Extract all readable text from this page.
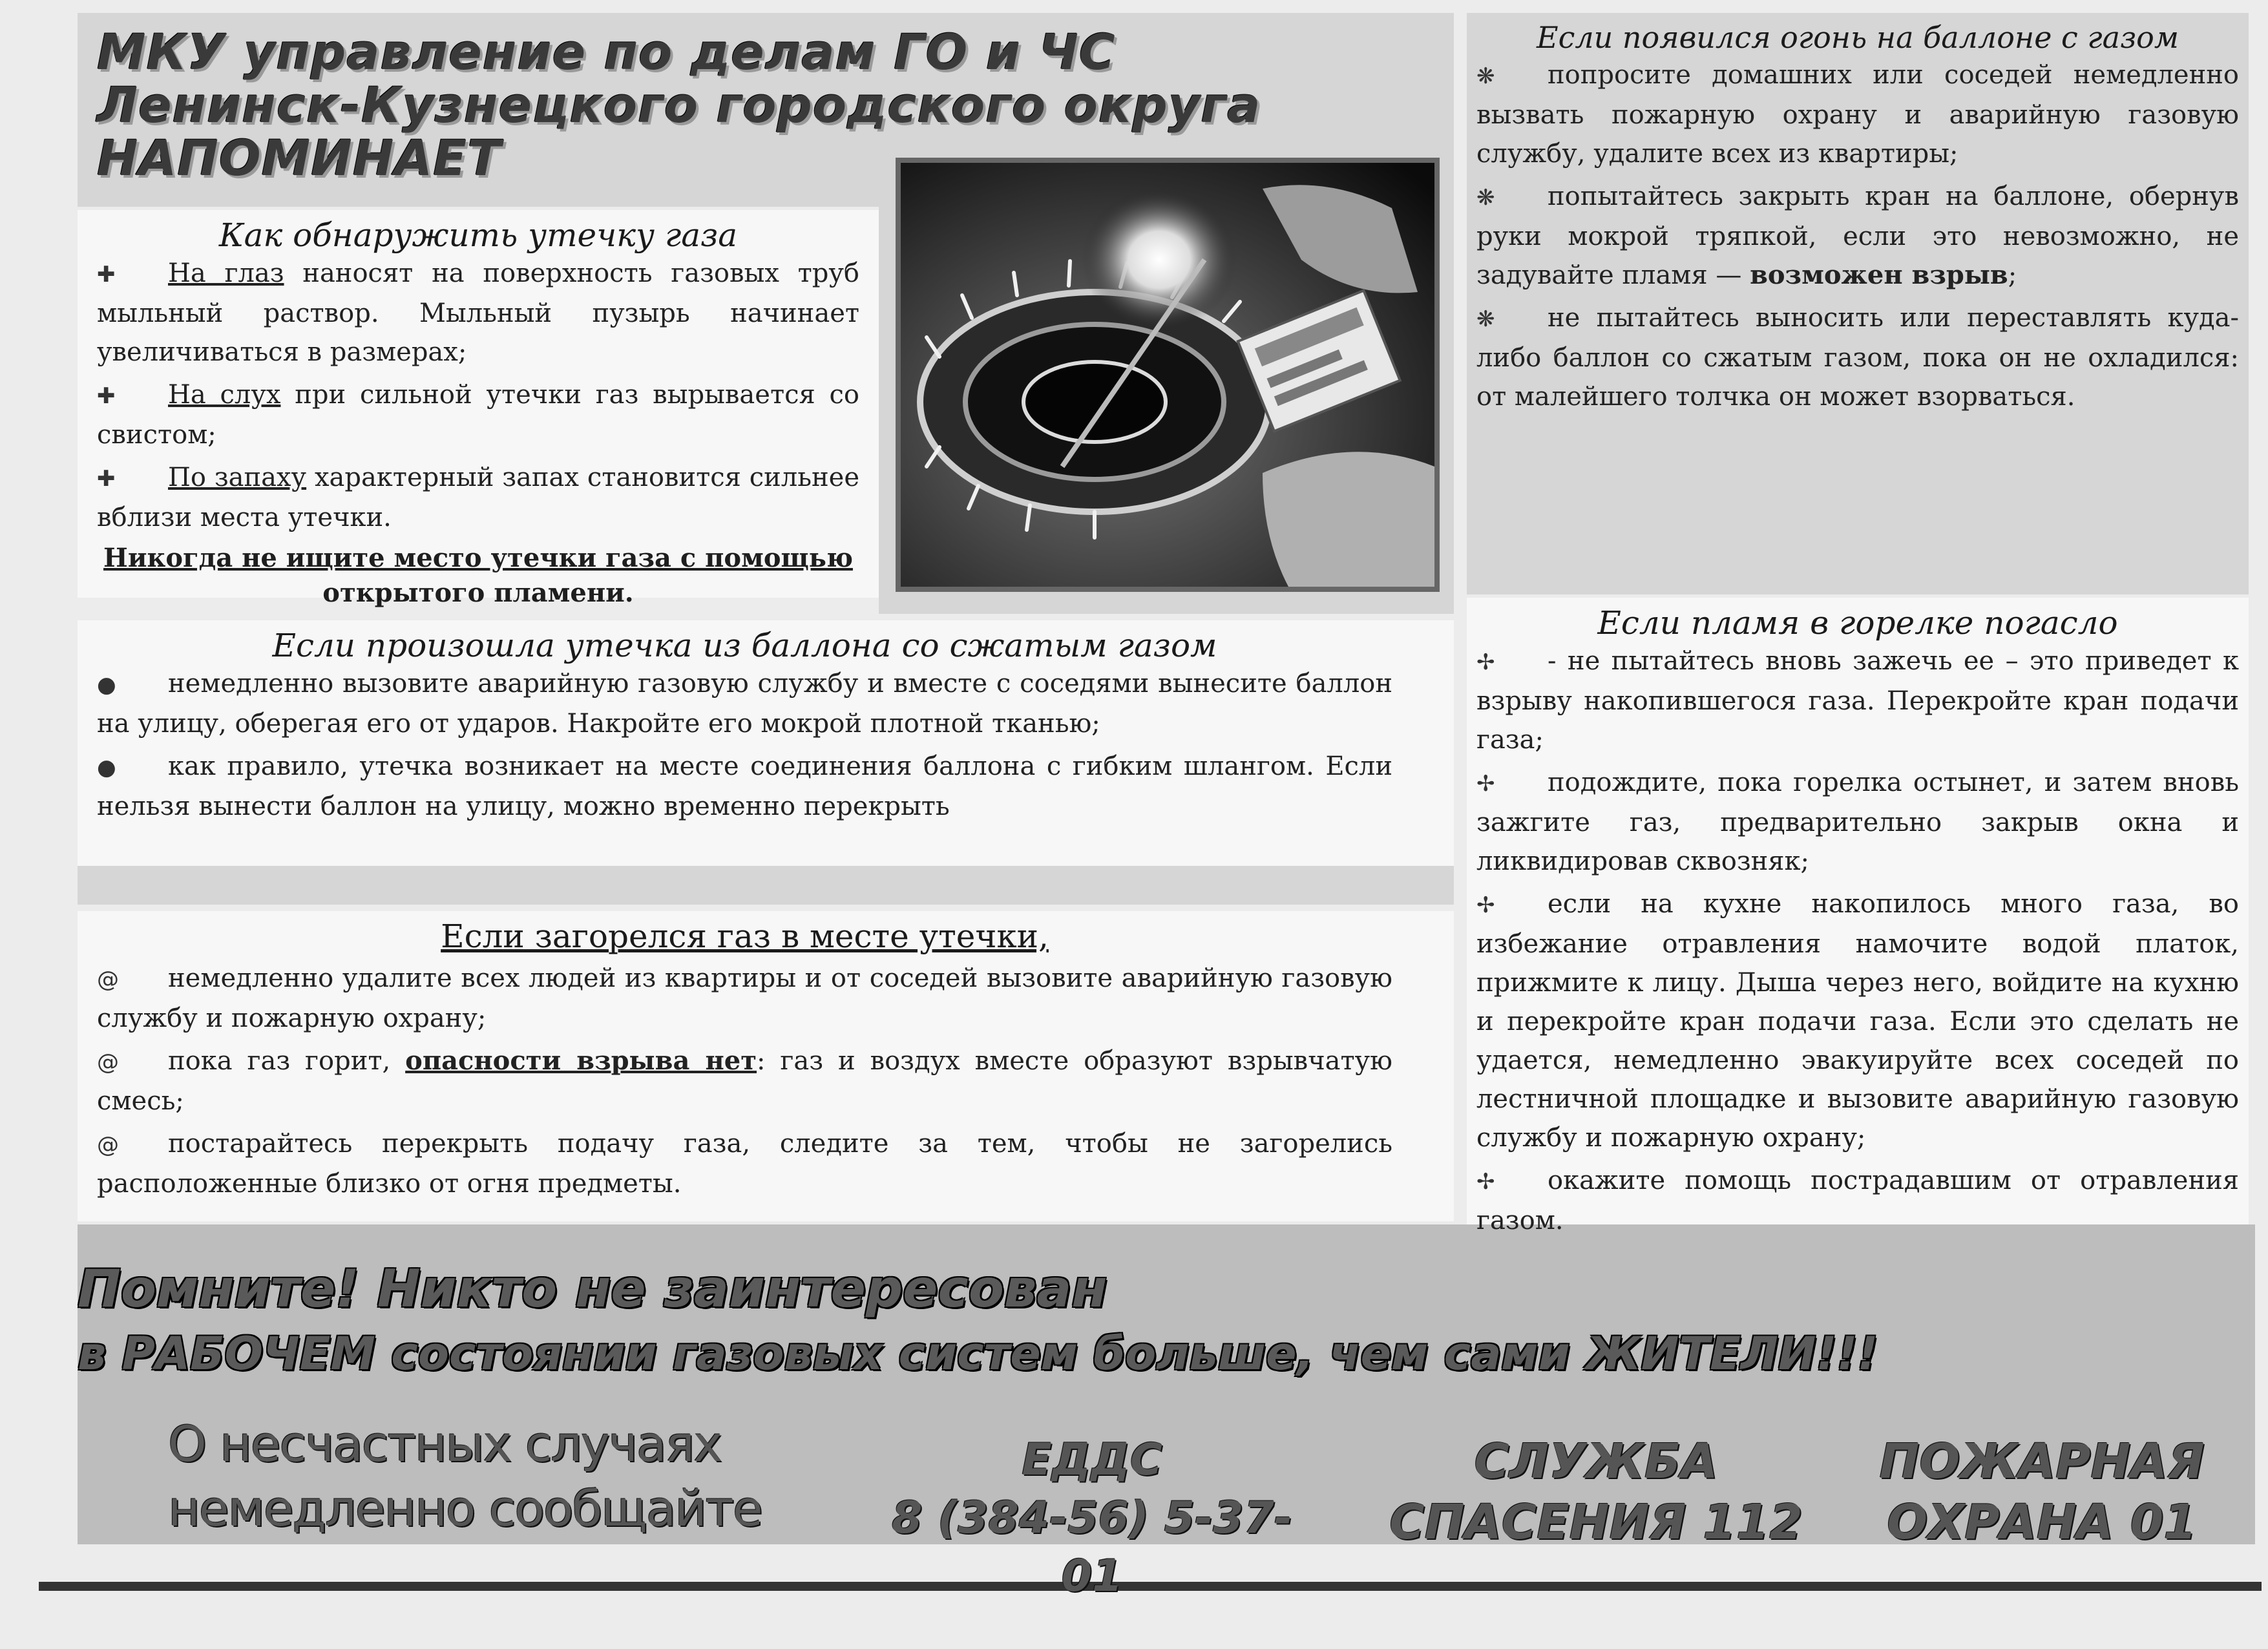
МКУ управление по делам ГО и ЧС
Ленинск-Кузнецкого городского округа
НАПОМИНАЕТ
Как обнаружить утечку газа
✚ На глаз наносят на поверхность газовых труб мыльный раствор. Мыльный пузырь начинает увеличиваться в размерах;
✚ На слух при сильной утечки газ вырывается со свистом;
✚ По запаху характерный запах становится сильнее вблизи места утечки.
Никогда не ищите место утечки газа с помощью
открытого пламени.
Если появился огонь на баллоне с газом
❋ попросите домашних или соседей немедленно вызвать пожарную охрану и аварийную газовую службу, удалите всех из квартиры;
❋ попытайтесь закрыть кран на баллоне, обернув руки мокрой тряпкой, если это невозможно, не задувайте пламя — возможен взрыв;
❋ не пытайтесь выносить или переставлять куда-либо баллон со сжатым газом, пока он не охладился: от малейшего толчка он может взорваться.
Если произошла утечка из баллона со сжатым газом
● немедленно вызовите аварийную газовую службу и вместе с соседями вынесите баллон на улицу, оберегая его от ударов. Накройте его мокрой плотной тканью;
● как правило, утечка возникает на месте соединения баллона с гибким шлангом. Если нельзя вынести баллон на улицу, можно временно перекрыть
Если загорелся газ в месте утечки,
@ немедленно удалите всех людей из квартиры и от соседей вызовите аварийную газовую службу и пожарную охрану;
@ пока газ горит, опасности взрыва нет: газ и воздух вместе образуют взрывчатую смесь;
@ постарайтесь перекрыть подачу газа, следите за тем, чтобы не загорелись расположенные близко от огня предметы.
Если пламя в горелке погасло
✢ - не пытайтесь вновь зажечь ее – это приведет к взрыву накопившегося газа. Перекройте кран подачи газа;
✢ подождите, пока горелка остынет, и затем вновь зажгите газ, предварительно закрыв окна и ликвидировав сквозняк;
✢ если на кухне накопилось много газа, во избежание отравления намочите водой платок, прижмите к лицу. Дыша через него, войдите на кухню и перекройте кран подачи газа. Если это сделать не удается, немедленно эвакуируйте всех соседей по лестничной площадке и вызовите аварийную газовую службу и пожарную охрану;
✢ окажите помощь пострадавшим от отравления газом.
Помните! Никто не заинтересован
в РАБОЧЕМ состоянии газовых систем больше, чем сами ЖИТЕЛИ!!!
О несчастных случаях
немедленно сообщайте
ЕДДС
8 (384-56) 5-37-01
СЛУЖБА
СПАСЕНИЯ 112
ПОЖАРНАЯ
ОХРАНА 01
